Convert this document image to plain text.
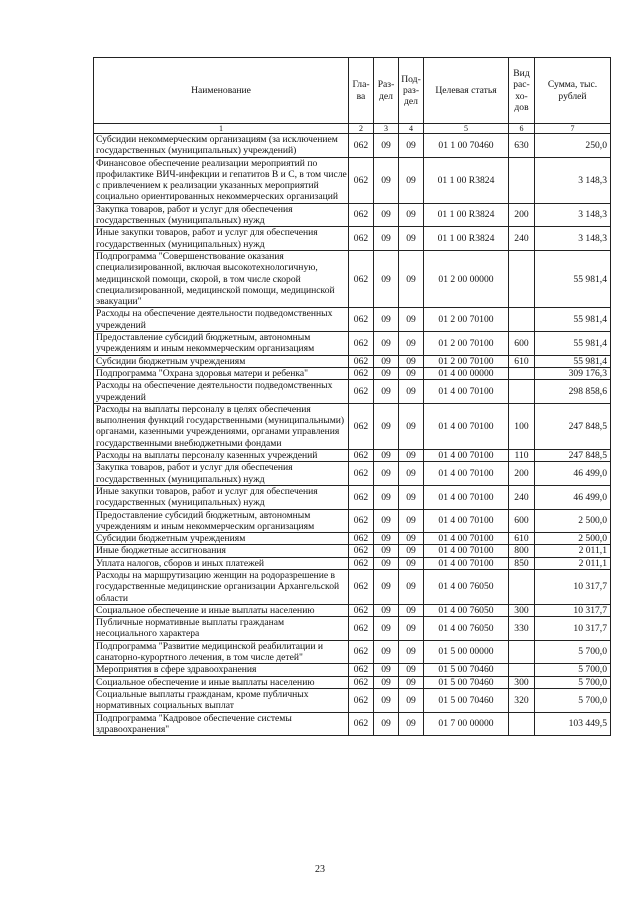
Наименование	Гла-ва	Раз-дел	Под-раз-дел	Целевая статья	Вид рас-хо-дов	Сумма, тыс. рублей
1	2	3	4	5	6	7
Субсидии некоммерческим организациям (за исключением государственных (муниципальных) учреждений)	062	09	09	01 1 00 70460	630	250,0
Финансовое обеспечение реализации мероприятий по профилактике ВИЧ-инфекции и гепатитов В и С, в том числе с привлечением к реализации указанных мероприятий социально ориентированных некоммерческих организаций	062	09	09	01 1 00 R3824		3 148,3
Закупка товаров, работ и услуг для обеспечения государственных (муниципальных) нужд	062	09	09	01 1 00 R3824	200	3 148,3
Иные закупки товаров, работ и услуг для обеспечения государственных (муниципальных) нужд	062	09	09	01 1 00 R3824	240	3 148,3
Подпрограмма "Совершенствование оказания специализированной, включая высокотехнологичную, медицинской помощи, скорой, в том числе скорой специализированной, медицинской помощи, медицинской эвакуации"	062	09	09	01 2 00 00000		55 981,4
Расходы на обеспечение деятельности подведомственных учреждений	062	09	09	01 2 00 70100		55 981,4
Предоставление субсидий бюджетным, автономным учреждениям и иным некоммерческим организациям	062	09	09	01 2 00 70100	600	55 981,4
Субсидии бюджетным учреждениям	062	09	09	01 2 00 70100	610	55 981,4
Подпрограмма "Охрана здоровья матери и ребенка"	062	09	09	01 4 00 00000		309 176,3
Расходы на обеспечение деятельности подведомственных учреждений	062	09	09	01 4 00 70100		298 858,6
Расходы на выплаты персоналу в целях обеспечения выполнения функций государственными (муниципальными) органами, казенными учреждениями, органами управления государственными внебюджетными фондами	062	09	09	01 4 00 70100	100	247 848,5
Расходы на выплаты персоналу казенных учреждений	062	09	09	01 4 00 70100	110	247 848,5
Закупка товаров, работ и услуг для обеспечения государственных (муниципальных) нужд	062	09	09	01 4 00 70100	200	46 499,0
Иные закупки товаров, работ и услуг для обеспечения государственных (муниципальных) нужд	062	09	09	01 4 00 70100	240	46 499,0
Предоставление субсидий бюджетным, автономным учреждениям и иным некоммерческим организациям	062	09	09	01 4 00 70100	600	2 500,0
Субсидии бюджетным учреждениям	062	09	09	01 4 00 70100	610	2 500,0
Иные бюджетные ассигнования	062	09	09	01 4 00 70100	800	2 011,1
Уплата налогов, сборов и иных платежей	062	09	09	01 4 00 70100	850	2 011,1
Расходы на маршрутизацию женщин на родоразрешение в государственные медицинские организации Архангельской области	062	09	09	01 4 00 76050		10 317,7
Социальное обеспечение и иные выплаты населению	062	09	09	01 4 00 76050	300	10 317,7
Публичные нормативные выплаты гражданам несоциального характера	062	09	09	01 4 00 76050	330	10 317,7
Подпрограмма "Развитие медицинской реабилитации и санаторно-курортного лечения, в том числе детей"	062	09	09	01 5 00 00000		5 700,0
Мероприятия в сфере здравоохранения	062	09	09	01 5 00 70460		5 700,0
Социальное обеспечение и иные выплаты населению	062	09	09	01 5 00 70460	300	5 700,0
Социальные выплаты гражданам, кроме публичных нормативных социальных выплат	062	09	09	01 5 00 70460	320	5 700,0
Подпрограмма "Кадровое обеспечение системы здравоохранения"	062	09	09	01 7 00 00000		103 449,5
23
